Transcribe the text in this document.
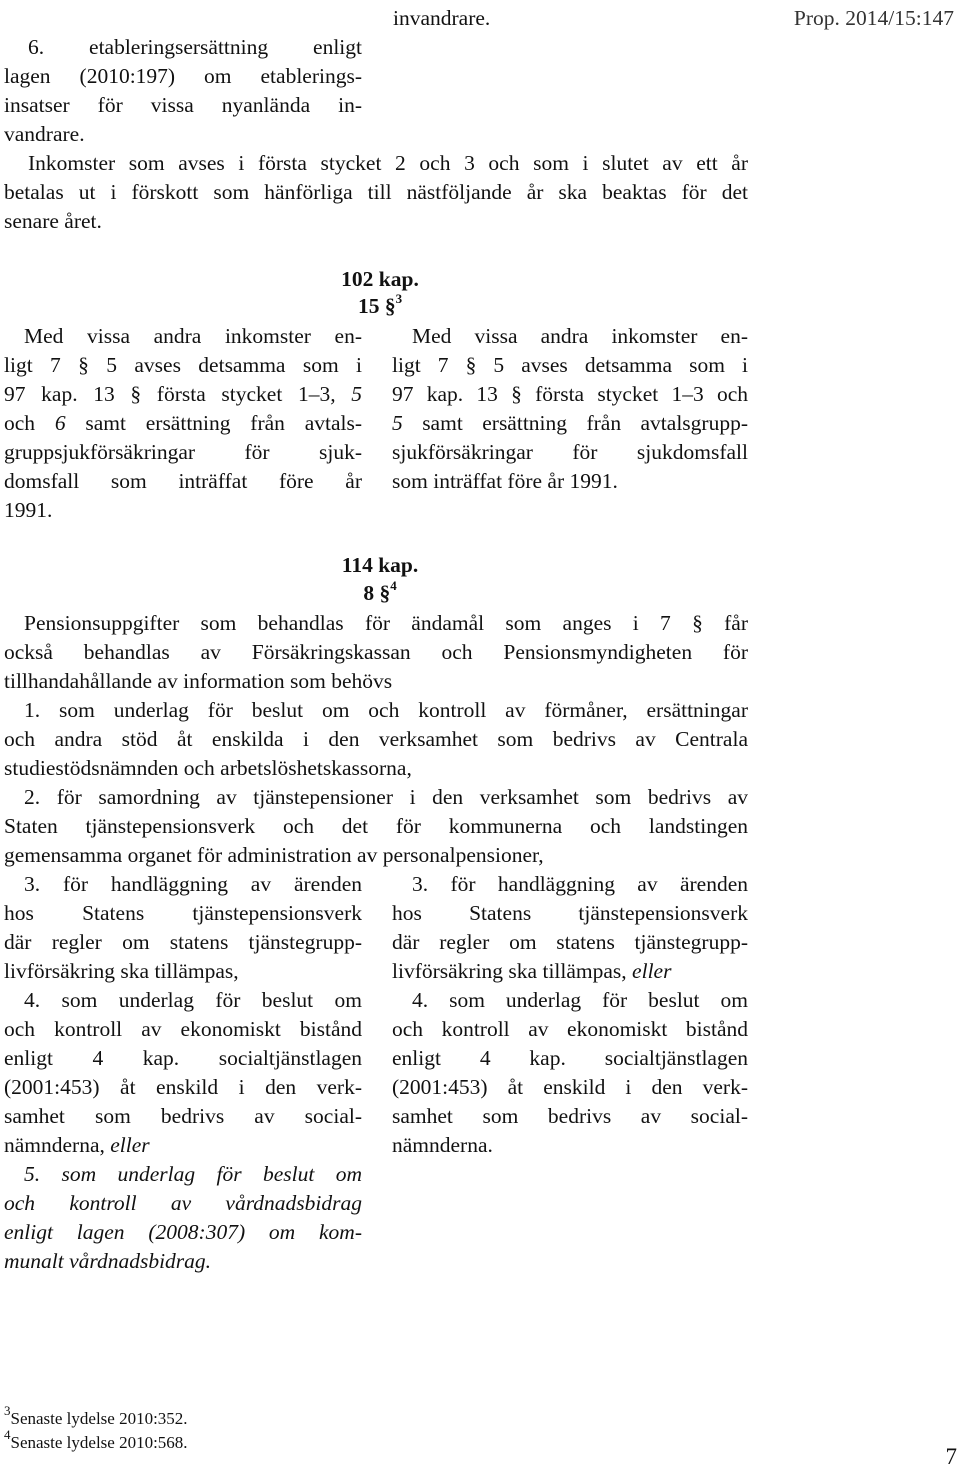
invandrare.	Prop. 2014/15:147
6. etableringsersättning enligt
lagen (2010:197) om etablerings-
insatser för vissa nyanlända in-
vandrare.
Inkomster som avses i första stycket 2 och 3 och som i slutet av ett år
betalas ut i förskott som hänförliga till nästföljande år ska beaktas för det
senare året.
102 kap.
15 §$^3$
Med vissa andra inkomster en-
ligt 7 § 5 avses detsamma som i
97 kap. 13 § första stycket 1–3, 5
och 6 samt ersättning från avtals-
gruppsjukförsäkringar för sjuk-
domsfall som inträffat före år
1991.
Med vissa andra inkomster en-
ligt 7 § 5 avses detsamma som i
97 kap. 13 § första stycket 1–3 och
5 samt ersättning från avtalsgrupp-
sjukförsäkringar för sjukdomsfall
som inträffat före år 1991.
114 kap.
8 §$^4$
Pensionsuppgifter som behandlas för ändamål som anges i 7 § får
också behandlas av Försäkringskassan och Pensionsmyndigheten för
tillhandahållande av information som behövs
1. som underlag för beslut om och kontroll av förmåner, ersättningar
och andra stöd åt enskilda i den verksamhet som bedrivs av Centrala
studiestödsnämnden och arbetslöshetskassorna,
2. för samordning av tjänstepensioner i den verksamhet som bedrivs av
Staten tjänstepensionsverk och det för kommunerna och landstingen
gemensamma organet för administration av personalpensioner,
3. för handläggning av ärenden
hos Statens tjänstepensionsverk
där regler om statens tjänstegrupp-
livförsäkring ska tillämpas,
4. som underlag för beslut om
och kontroll av ekonomiskt bistånd
enligt 4 kap. socialtjänstlagen
(2001:453) åt enskild i den verk-
samhet som bedrivs av social-
nämnderna, eller
5. som underlag för beslut om
och kontroll av vårdnadsbidrag
enligt lagen (2008:307) om kom-
munalt vårdnadsbidrag.
3. för handläggning av ärenden
hos Statens tjänstepensionsverk
där regler om statens tjänstegrupp-
livförsäkring ska tillämpas, eller
4. som underlag för beslut om
och kontroll av ekonomiskt bistånd
enligt 4 kap. socialtjänstlagen
(2001:453) åt enskild i den verk-
samhet som bedrivs av social-
nämnderna.
$^3$Senaste lydelse 2010:352.
$^4$Senaste lydelse 2010:568.
7
